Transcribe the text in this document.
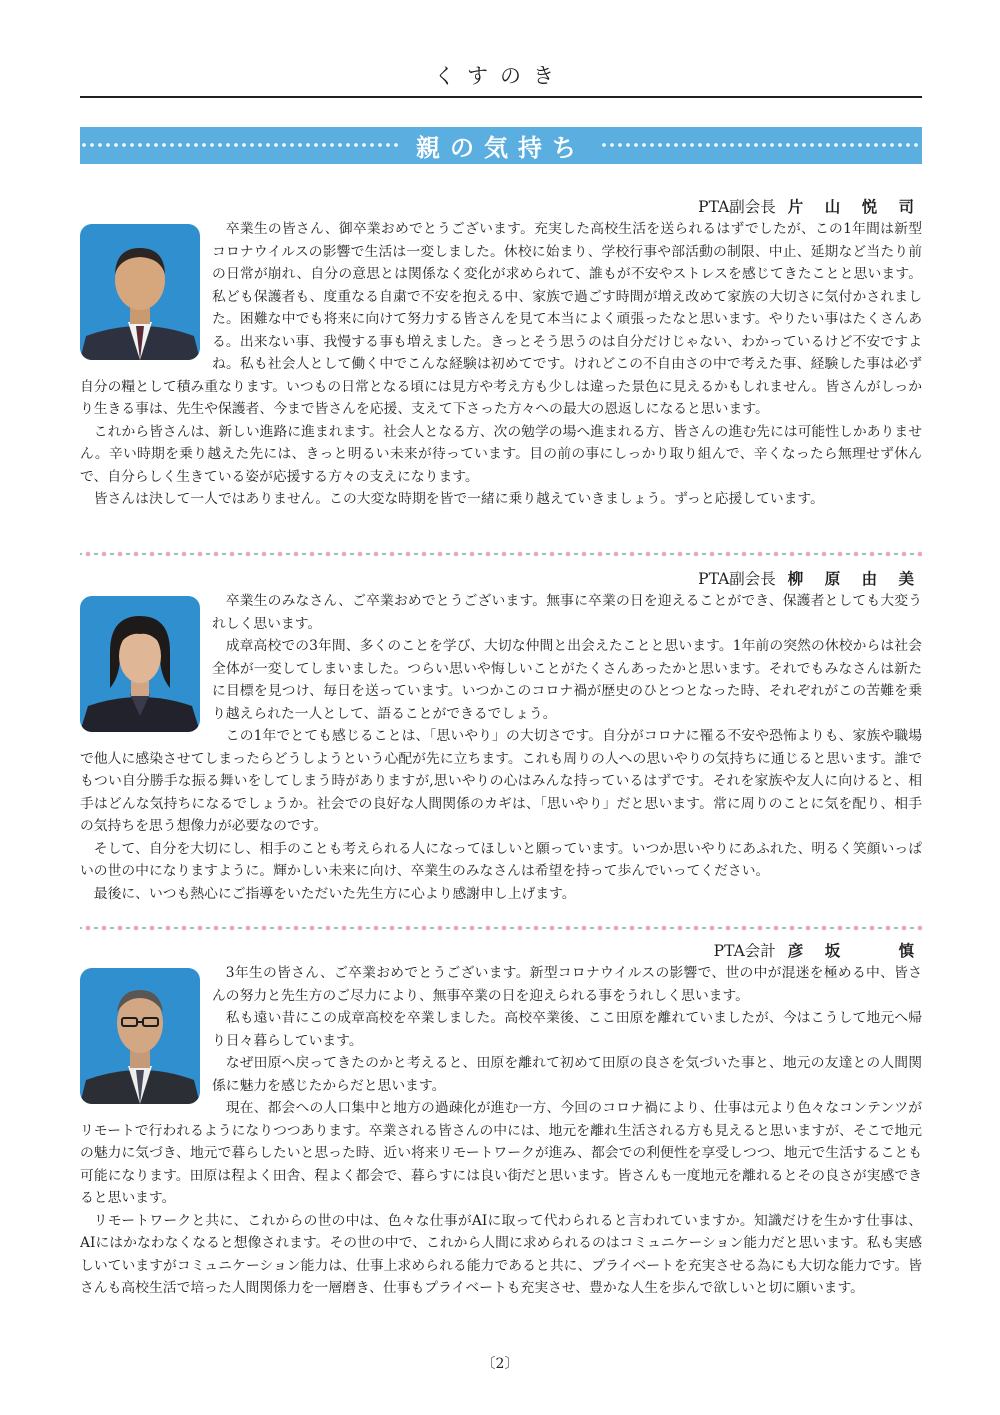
くすのき
親の気持ち
PTA副会長 片 山 悦 司

卒業生の皆さん、御卒業おめでとうございます。充実した高校生活を送られるはずでしたが、この1年間は新型コロナウイルスの影響で生活は一変しました。休校に始まり、学校行事や部活動の制限、中止、延期など当たり前の日常が崩れ、自分の意思とは関係なく変化が求められて、誰もが不安やストレスを感じてきたことと思います。私ども保護者も、度重なる自粛で不安を抱える中、家族で過ごす時間が増え改めて家族の大切さに気付かされました。困難な中でも将来に向けて努力する皆さんを見て本当によく頑張ったなと思います。やりたい事はたくさんある。出来ない事、我慢する事も増えました。きっとそう思うのは自分だけじゃない、わかっているけど不安ですよね。私も社会人として働く中でこんな経験は初めてです。けれどこの不自由さの中で考えた事、経験した事は必ず自分の糧として積み重なります。いつもの日常となる頃には見方や考え方も少しは違った景色に見えるかもしれません。皆さんがしっかり生きる事は、先生や保護者、今まで皆さんを応援、支えて下さった方々への最大の恩返しになると思います。

これから皆さんは、新しい進路に進まれます。社会人となる方、次の勉学の場へ進まれる方、皆さんの進む先には可能性しかありません。辛い時期を乗り越えた先には、きっと明るい未来が待っています。目の前の事にしっかり取り組んで、辛くなったら無理せず休んで、自分らしく生きている姿が応援する方々の支えになります。

皆さんは決して一人ではありません。この大変な時期を皆で一緒に乗り越えていきましょう。ずっと応援しています。

PTA副会長 柳 原 由 美

卒業生のみなさん、ご卒業おめでとうございます。無事に卒業の日を迎えることができ、保護者としても大変うれしく思います。

成章高校での3年間、多くのことを学び、大切な仲間と出会えたことと思います。1年前の突然の休校からは社会全体が一変してしまいました。つらい思いや悔しいことがたくさんあったかと思います。それでもみなさんは新たに目標を見つけ、毎日を送っています。いつかこのコロナ禍が歴史のひとつとなった時、それぞれがこの苦難を乗り越えられた一人として、語ることができるでしょう。

この1年でとても感じることは、「思いやり」の大切さです。自分がコロナに罹る不安や恐怖よりも、家族や職場で他人に感染させてしまったらどうしようという心配が先に立ちます。これも周りの人への思いやりの気持ちに通じると思います。誰でもつい自分勝手な振る舞いをしてしまう時がありますが,思いやりの心はみんな持っているはずです。それを家族や友人に向けると、相手はどんな気持ちになるでしょうか。社会での良好な人間関係のカギは、「思いやり」だと思います。常に周りのことに気を配り、相手の気持ちを思う想像力が必要なのです。

そして、自分を大切にし、相手のことも考えられる人になってほしいと願っています。いつか思いやりにあふれた、明るく笑顔いっぱいの世の中になりますように。輝かしい未来に向け、卒業生のみなさんは希望を持って歩んでいってください。

最後に、いつも熱心にご指導をいただいた先生方に心より感謝申し上げます。

PTA会計 彦 坂 　 慎

3年生の皆さん、ご卒業おめでとうございます。新型コロナウイルスの影響で、世の中が混迷を極める中、皆さんの努力と先生方のご尽力により、無事卒業の日を迎えられる事をうれしく思います。

私も遠い昔にこの成章高校を卒業しました。高校卒業後、ここ田原を離れていましたが、今はこうして地元へ帰り日々暮らしています。

なぜ田原へ戻ってきたのかと考えると、田原を離れて初めて田原の良さを気づいた事と、地元の友達との人間関係に魅力を感じたからだと思います。

現在、都会への人口集中と地方の過疎化が進む一方、今回のコロナ禍により、仕事は元より色々なコンテンツがリモートで行われるようになりつつあります。卒業される皆さんの中には、地元を離れ生活される方も見えると思いますが、そこで地元の魅力に気づき、地元で暮らしたいと思った時、近い将来リモートワークが進み、都会での利便性を享受しつつ、地元で生活することも可能になります。田原は程よく田舎、程よく都会で、暮らすには良い街だと思います。皆さんも一度地元を離れるとその良さが実感できると思います。

リモートワークと共に、これからの世の中は、色々な仕事がAIに取って代わられると言われていますか。知識だけを生かす仕事は、AIにはかなわなくなると想像されます。その世の中で、これから人間に求められるのはコミュニケーション能力だと思います。私も実感しいていますがコミュニケーション能力は、仕事上求められる能力であると共に、プライベートを充実させる為にも大切な能力です。皆さんも高校生活で培った人間関係力を一層磨き、仕事もプライベートも充実させ、豊かな人生を歩んで欲しいと切に願います。

〔2〕
